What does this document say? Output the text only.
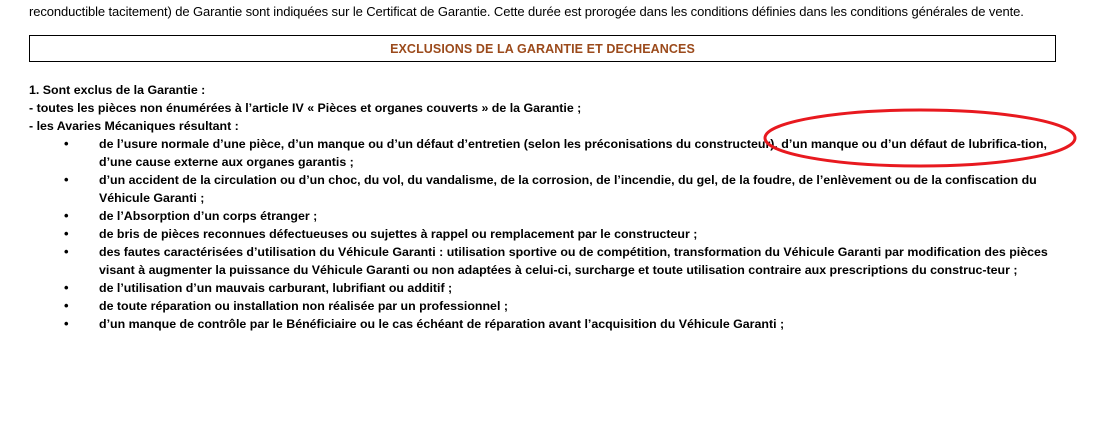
reconductible tacitement) de Garantie sont indiquées sur le Certificat de Garantie. Cette durée est prorogée dans les conditions définies dans les conditions générales de vente.
EXCLUSIONS DE LA GARANTIE ET DECHEANCES

1. Sont exclus de la Garantie :

- toutes les pièces non énumérées à l’article IV « Pièces et organes couverts » de la Garantie ;

- les Avaries Mécaniques résultant :

• de l’usure normale d’une pièce, d’un manque ou d’un défaut d’entretien (selon les préconisations du constructeur), d’un manque ou d’un défaut de lubrifica-tion, d’une cause externe aux organes garantis ;
• d’un accident de la circulation ou d’un choc, du vol, du vandalisme, de la corrosion, de l’incendie, du gel, de la foudre, de l’enlèvement ou de la confiscation du Véhicule Garanti ;
• de l’Absorption d’un corps étranger ;
• de bris de pièces reconnues défectueuses ou sujettes à rappel ou remplacement par le constructeur ;
• des fautes caractérisées d’utilisation du Véhicule Garanti : utilisation sportive ou de compétition, transformation du Véhicule Garanti par modification des pièces visant à augmenter la puissance du Véhicule Garanti ou non adaptées à celui-ci, surcharge et toute utilisation contraire aux prescriptions du construc-teur ;
• de l’utilisation d’un mauvais carburant, lubrifiant ou additif ;
• de toute réparation ou installation non réalisée par un professionnel ;
• d’un manque de contrôle par le Bénéficiaire ou le cas échéant de réparation avant l’acquisition du Véhicule Garanti ;
